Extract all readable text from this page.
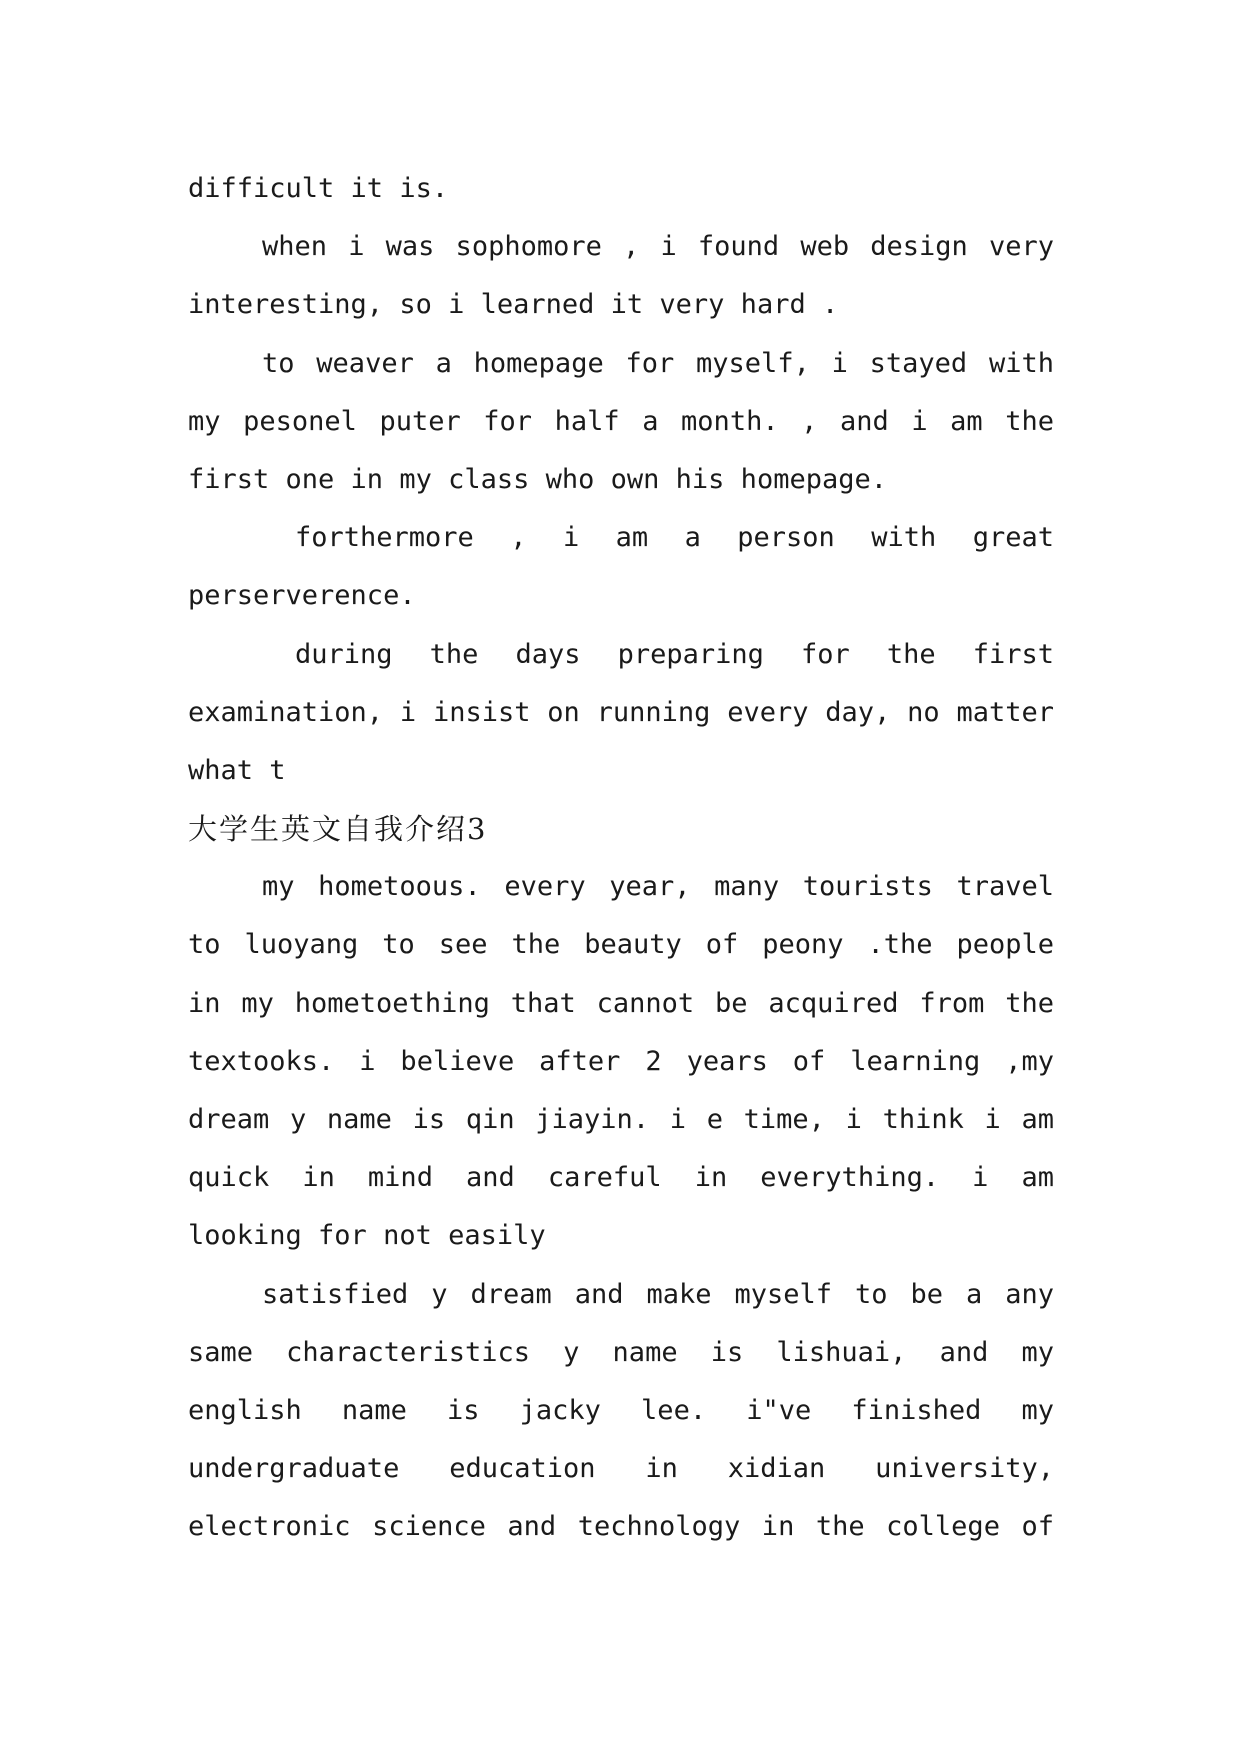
difficult it is.
when i was sophomore , i found web design very
interesting, so i learned it very hard .
to weaver a homepage for myself, i stayed with
my pesonel puter for half a month. , and i am the
first one in my class who own his homepage.
forthermore , i am a person with great
perserverence.
during the days preparing for the first
examination, i insist on running every day, no matter
what t
大学生英文自我介绍3
my hometoous. every year, many tourists travel
to luoyang to see the beauty of peony .the people
in my hometoething that cannot be acquired from the
textooks. i believe after 2 years of learning ,my
dream y name is qin jiayin. i e time, i think i am
quick in mind and careful in everything. i am
looking for not easily
satisfied y dream and make myself to be a any
same characteristics y name is lishuai, and my
english name is jacky lee. i"ve finished my
undergraduate education in xidian university,
electronic science and technology in the college of
